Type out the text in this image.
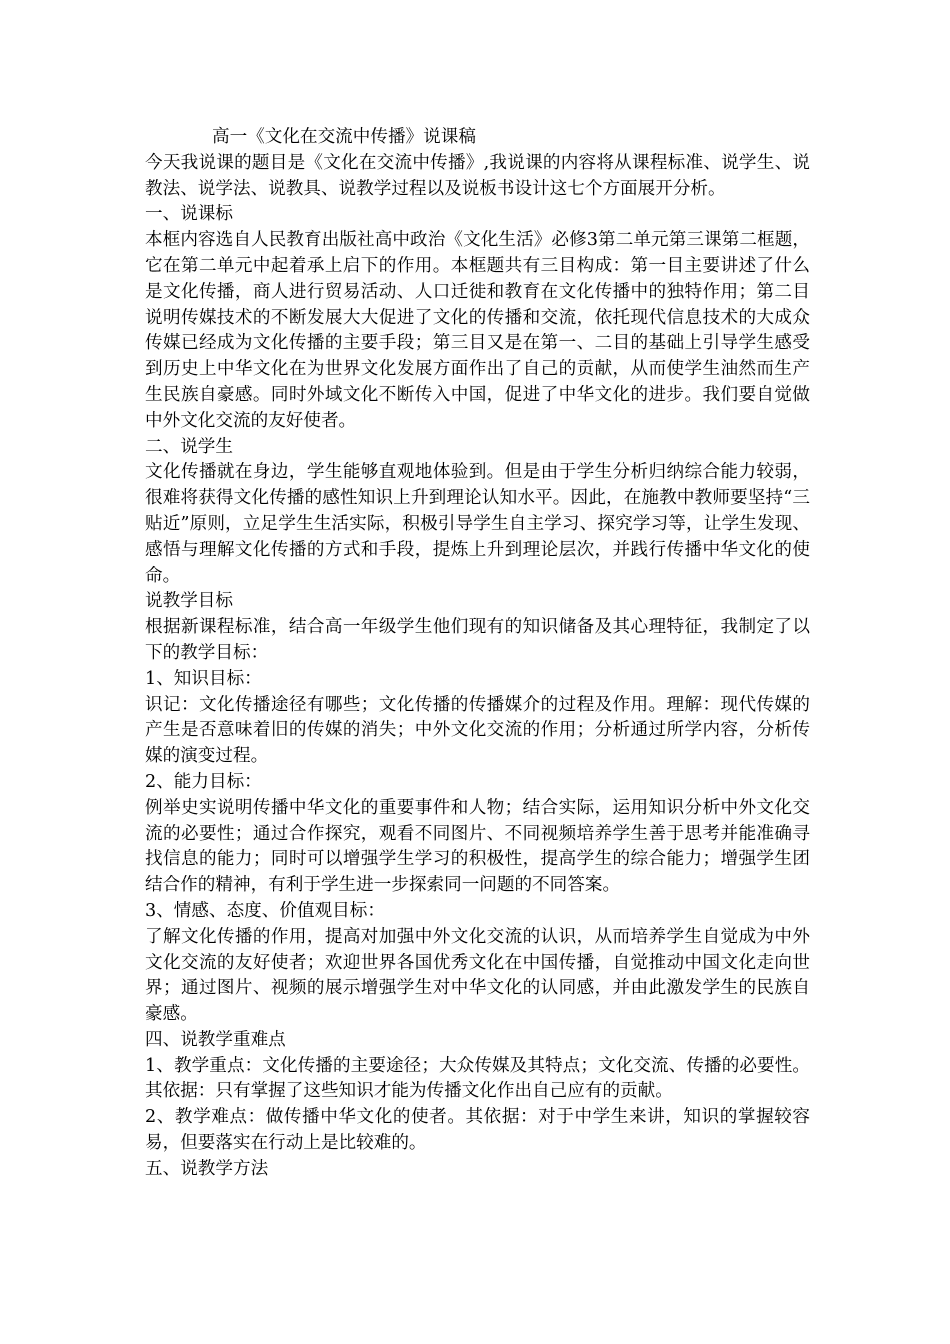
高一《文化在交流中传播》说课稿

今天我说课的题目是《文化在交流中传播》,我说课的内容将从课程标准、说学生、说教法、说学法、说教具、说教学过程以及说板书设计这七个方面展开分析。

一、说课标

本框内容选自人民教育出版社高中政治《文化生活》必修3第二单元第三课第二框题，它在第二单元中起着承上启下的作用。本框题共有三目构成：第一目主要讲述了什么是文化传播，商人进行贸易活动、人口迁徙和教育在文化传播中的独特作用；第二目说明传媒技术的不断发展大大促进了文化的传播和交流，依托现代信息技术的大成众传媒已经成为文化传播的主要手段；第三目又是在第一、二目的基础上引导学生感受到历史上中华文化在为世界文化发展方面作出了自己的贡献，从而使学生油然而生产生民族自豪感。同时外域文化不断传入中国，促进了中华文化的进步。我们要自觉做中外文化交流的友好使者。

二、说学生

文化传播就在身边，学生能够直观地体验到。但是由于学生分析归纳综合能力较弱，很难将获得文化传播的感性知识上升到理论认知水平。因此，在施教中教师要坚持“三贴近”原则，立足学生生活实际，积极引导学生自主学习、探究学习等，让学生发现、感悟与理解文化传播的方式和手段，提炼上升到理论层次，并践行传播中华文化的使命。

说教学目标

根据新课程标准，结合高一年级学生他们现有的知识储备及其心理特征，我制定了以下的教学目标：

1、知识目标：

识记：文化传播途径有哪些；文化传播的传播媒介的过程及作用。理解：现代传媒的产生是否意味着旧的传媒的消失；中外文化交流的作用；分析通过所学内容，分析传媒的演变过程。

2、能力目标：

例举史实说明传播中华文化的重要事件和人物；结合实际，运用知识分析中外文化交流的必要性；通过合作探究，观看不同图片、不同视频培养学生善于思考并能准确寻找信息的能力；同时可以增强学生学习的积极性，提高学生的综合能力；增强学生团结合作的精神，有利于学生进一步探索同一问题的不同答案。

3、情感、态度、价值观目标：

了解文化传播的作用，提高对加强中外文化交流的认识，从而培养学生自觉成为中外文化交流的友好使者；欢迎世界各国优秀文化在中国传播，自觉推动中国文化走向世界；通过图片、视频的展示增强学生对中华文化的认同感，并由此激发学生的民族自豪感。

四、说教学重难点

1、教学重点：文化传播的主要途径；大众传媒及其特点；文化交流、传播的必要性。其依据：只有掌握了这些知识才能为传播文化作出自己应有的贡献。

2、教学难点：做传播中华文化的使者。其依据：对于中学生来讲，知识的掌握较容易，但要落实在行动上是比较难的。

五、说教学方法
